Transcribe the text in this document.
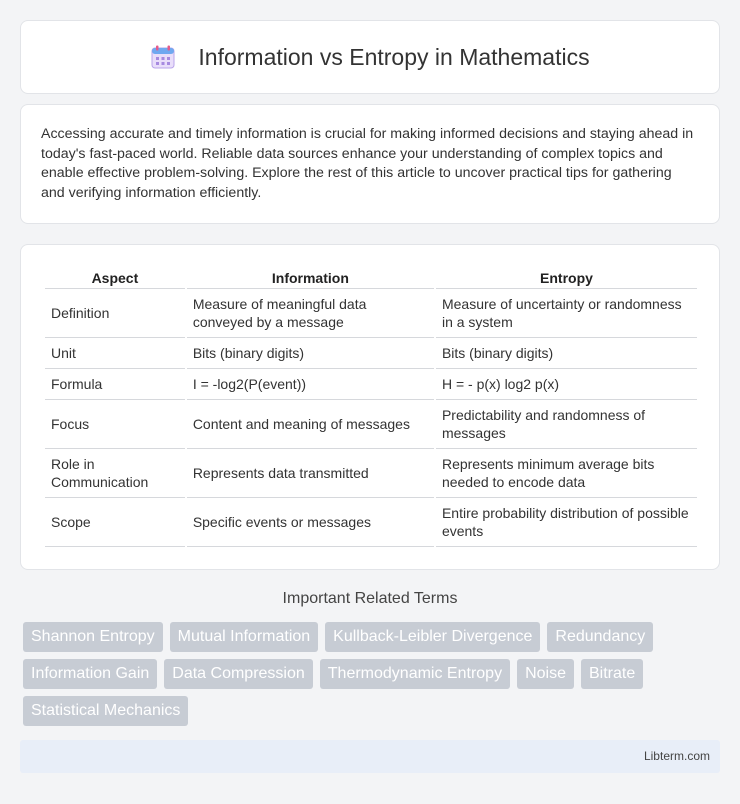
Information vs Entropy in Mathematics

Accessing accurate and timely information is crucial for making informed decisions and staying ahead in today's fast-paced world. Reliable data sources enhance your understanding of complex topics and enable effective problem-solving. Explore the rest of this article to uncover practical tips for gathering and verifying information efficiently.

Aspect	Information	Entropy
Definition	Measure of meaningful data conveyed by a message	Measure of uncertainty or randomness in a system
Unit	Bits (binary digits)	Bits (binary digits)
Formula	I = -log2(P(event))	H = - p(x) log2 p(x)
Focus	Content and meaning of messages	Predictability and randomness of messages
Role in Communication	Represents data transmitted	Represents minimum average bits needed to encode data
Scope	Specific events or messages	Entire probability distribution of possible events
Important Related Terms
Shannon Entropy	Mutual Information	Kullback-Leibler Divergence	Redundancy
Information Gain	Data Compression	Thermodynamic Entropy	Noise	Bitrate
Statistical Mechanics
Libterm.com
